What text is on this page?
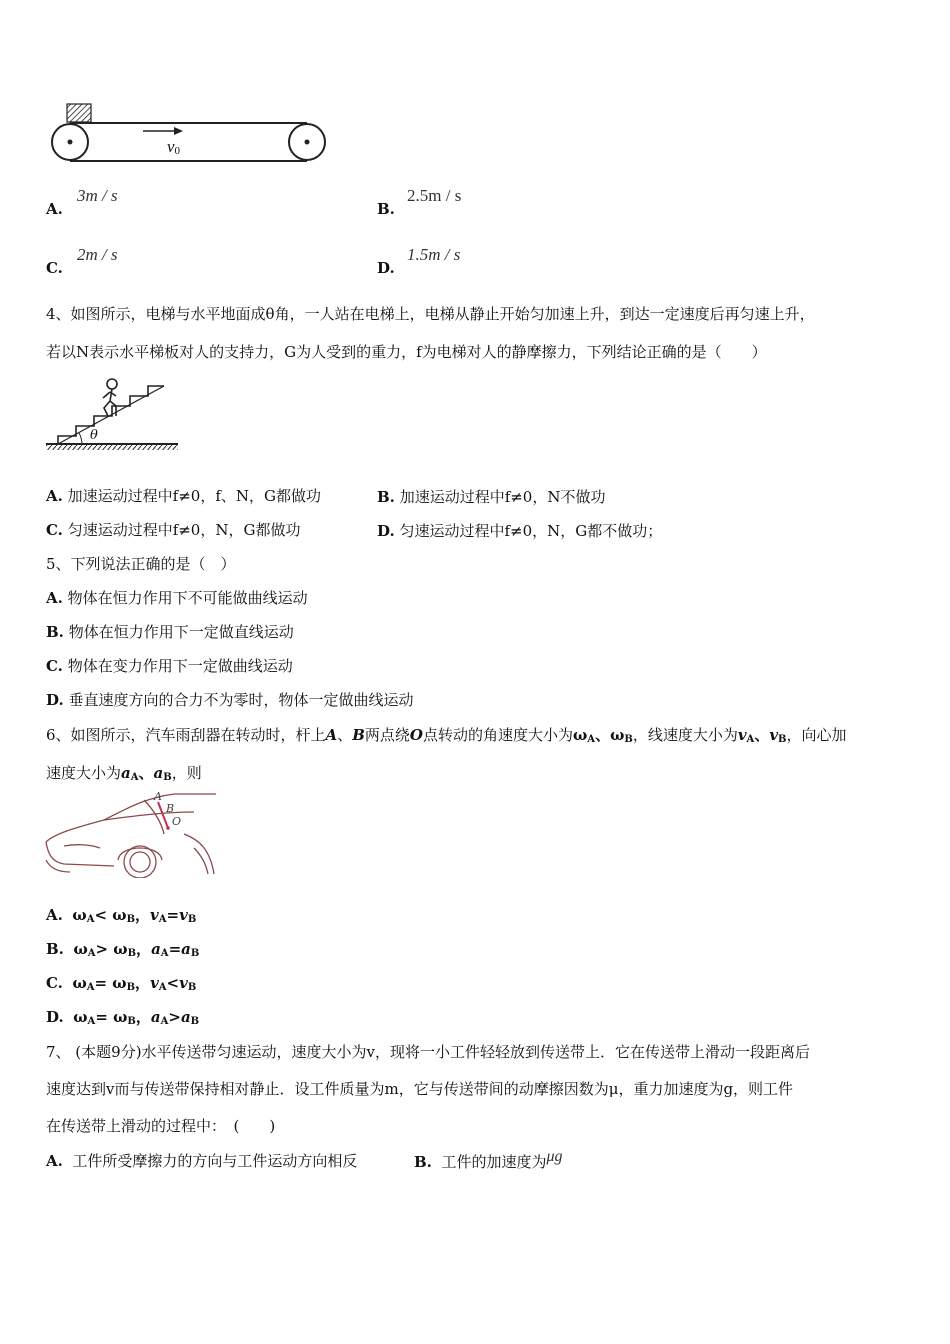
$v_0$
A.
3m / s
B.
2.5m / s
C.
2m / s
D.
1.5m / s
4、如图所示，电梯与水平地面成θ角，一人站在电梯上，电梯从静止开始匀加速上升，到达一定速度后再匀速上升，
若以N表示水平梯板对人的支持力，G为人受到的重力，f为电梯对人的静摩擦力，下列结论正确的是（　　）
θ
A. 加速运动过程中f≠0，f、N，G都做功	B. 加速运动过程中f≠0，N不做功
C. 匀速运动过程中f≠0，N，G都做功	D. 匀速运动过程中f≠0，N，G都不做功；
5、下列说法正确的是（　）
A. 物体在恒力作用下不可能做曲线运动
B. 物体在恒力作用下一定做直线运动
C. 物体在变力作用下一定做曲线运动
D. 垂直速度方向的合力不为零时，物体一定做曲线运动
6、如图所示，汽车雨刮器在转动时，杆上A、B两点绕O点转动的角速度大小为$\omega_A$、$\omega_B$，线速度大小为$v_A$、$v_B$，向心加
速度大小为$a_A$、$a_B$，则
A
B
O
A. $\omega_A< \omega_B$，$v_A=v_B$
B. $\omega_A> \omega_B$，$a_A=a_B$
C. $\omega_A= \omega_B$，$v_A<v_B$
D. $\omega_A= \omega_B$，$a_A>a_B$
7、 (本题9分)水平传送带匀速运动，速度大小为v，现将一小工件轻轻放到传送带上．它在传送带上滑动一段距离后
速度达到v而与传送带保持相对静止．设工件质量为m，它与传送带间的动摩擦因数为μ，重力加速度为g，则工件
在传送带上滑动的过程中：　(　　)
A. 工件所受摩擦力的方向与工件运动方向相反	B. 工件的加速度为μg
